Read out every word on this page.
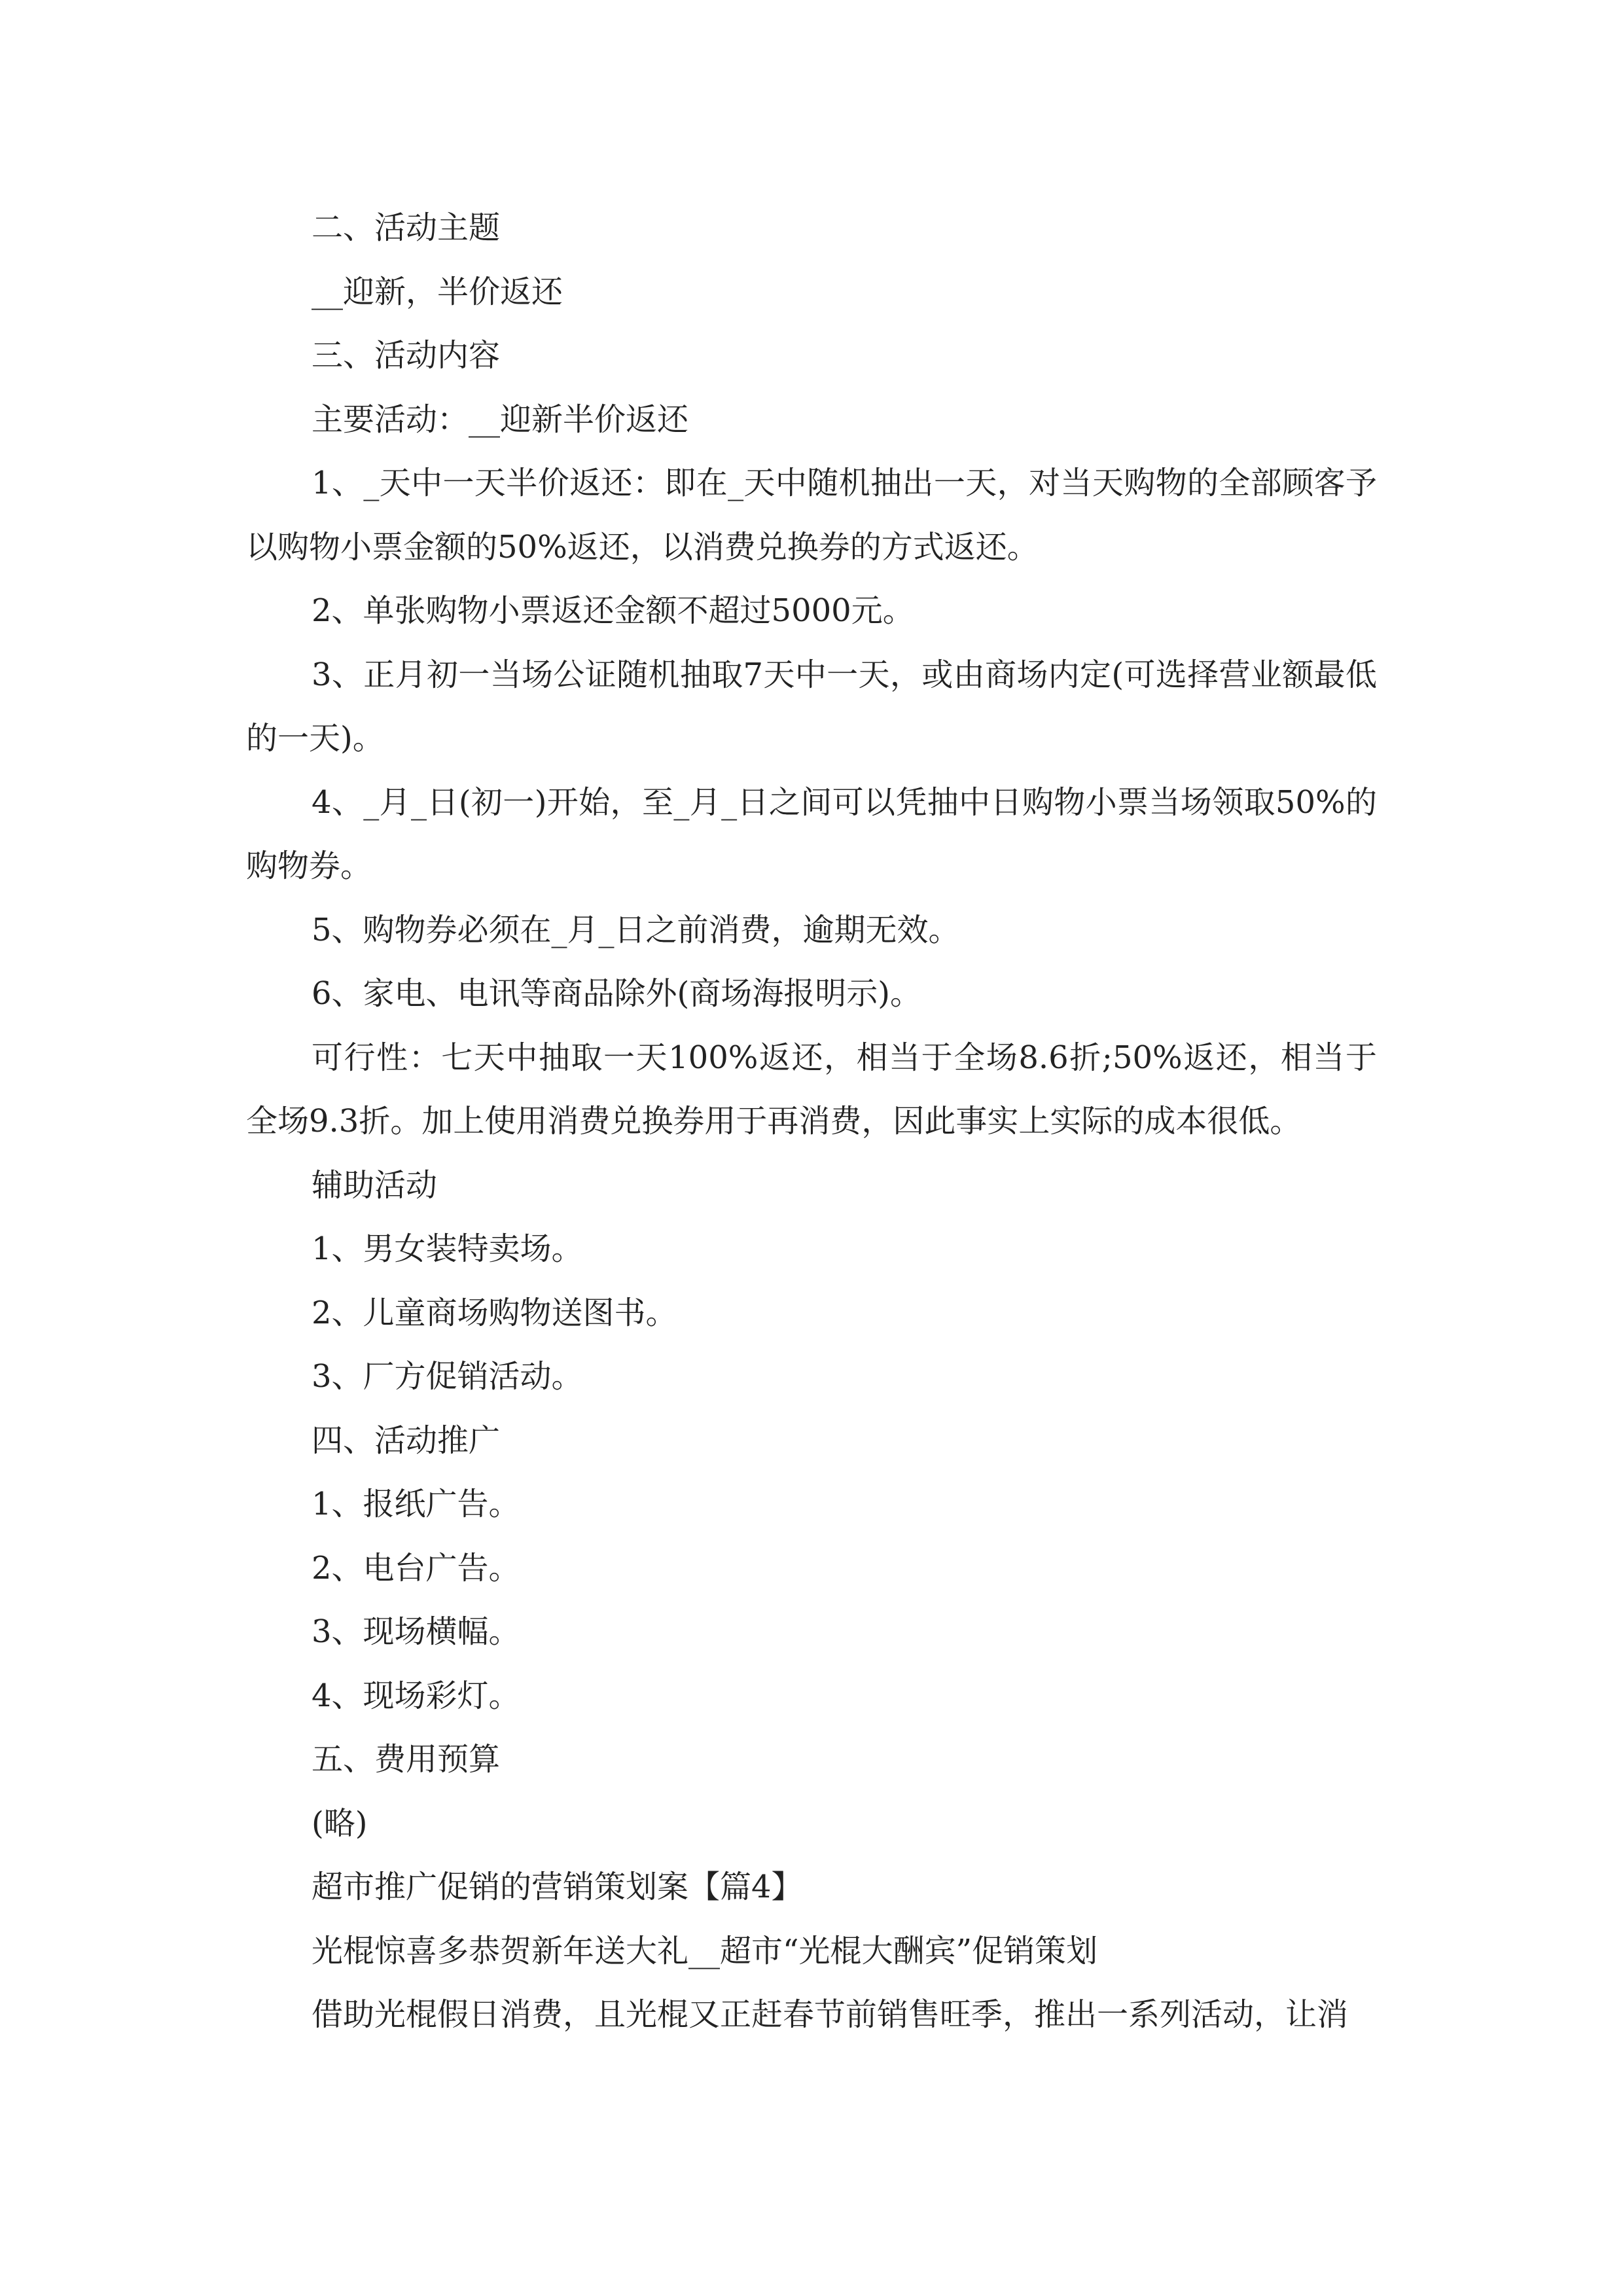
二、活动主题

__迎新，半价返还

三、活动内容

主要活动：__迎新半价返还

1、_天中一天半价返还：即在_天中随机抽出一天，对当天购物的全部顾客予以购物小票金额的50%返还，以消费兑换券的方式返还。

2、单张购物小票返还金额不超过5000元。

3、正月初一当场公证随机抽取7天中一天，或由商场内定(可选择营业额最低的一天)。

4、_月_日(初一)开始，至_月_日之间可以凭抽中日购物小票当场领取50%的购物券。

5、购物券必须在_月_日之前消费，逾期无效。

6、家电、电讯等商品除外(商场海报明示)。

可行性：七天中抽取一天100%返还，相当于全场8.6折;50%返还，相当于全场9.3折。加上使用消费兑换券用于再消费，因此事实上实际的成本很低。

辅助活动

1、男女装特卖场。

2、儿童商场购物送图书。

3、厂方促销活动。

四、活动推广

1、报纸广告。

2、电台广告。

3、现场横幅。

4、现场彩灯。

五、费用预算

(略)

超市推广促销的营销策划案【篇4】

光棍惊喜多恭贺新年送大礼__超市“光棍大酬宾”促销策划

借助光棍假日消费，且光棍又正赶春节前销售旺季，推出一系列活动，让消
